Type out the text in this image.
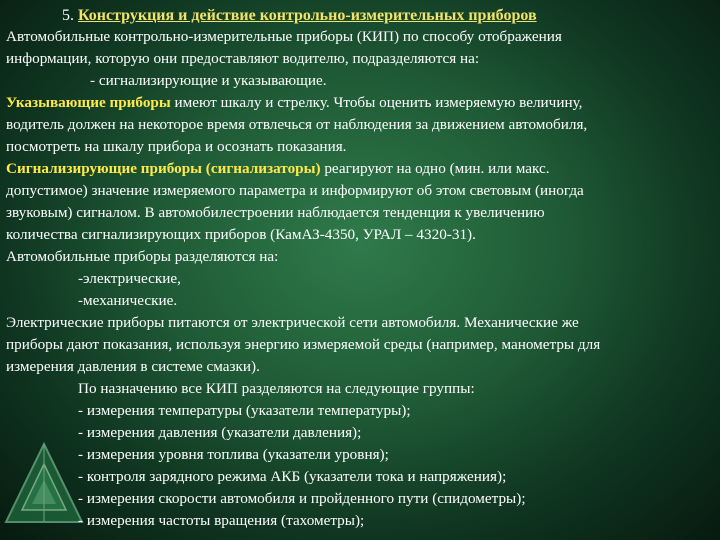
5. Конструкция и действие контрольно-измерительных приборов
Автомобильные контрольно-измерительные приборы (КИП) по способу отображения
информации, которую они предоставляют водителю, подразделяются на:
- сигнализирующие и указывающие.
Указывающие приборы имеют шкалу и стрелку. Чтобы оценить измеряемую величину,
водитель должен на некоторое время отвлечься от наблюдения за движением автомобиля,
посмотреть на шкалу прибора и осознать показания.
Сигнализирующие приборы (сигнализаторы) реагируют на одно (мин. или макс.
допустимое) значение измеряемого параметра и информируют об этом световым (иногда
звуковым) сигналом. В автомобилестроении наблюдается тенденция к увеличению
количества сигнализирующих приборов (КамАЗ-4350, УРАЛ – 4320-31).
Автомобильные приборы разделяются на:
-электрические,
-механические.
Электрические приборы питаются от электрической сети автомобиля. Механические же
приборы дают показания, используя энергию измеряемой среды (например, манометры для
измерения давления в системе смазки).
По назначению все КИП разделяются на следующие группы:
- измерения температуры (указатели температуры);
- измерения давления (указатели давления);
- измерения уровня топлива (указатели уровня);
- контроля зарядного режима АКБ (указатели тока и напряжения);
- измерения скорости автомобиля и пройденного пути (спидометры);
- измерения частоты вращения (тахометры);
